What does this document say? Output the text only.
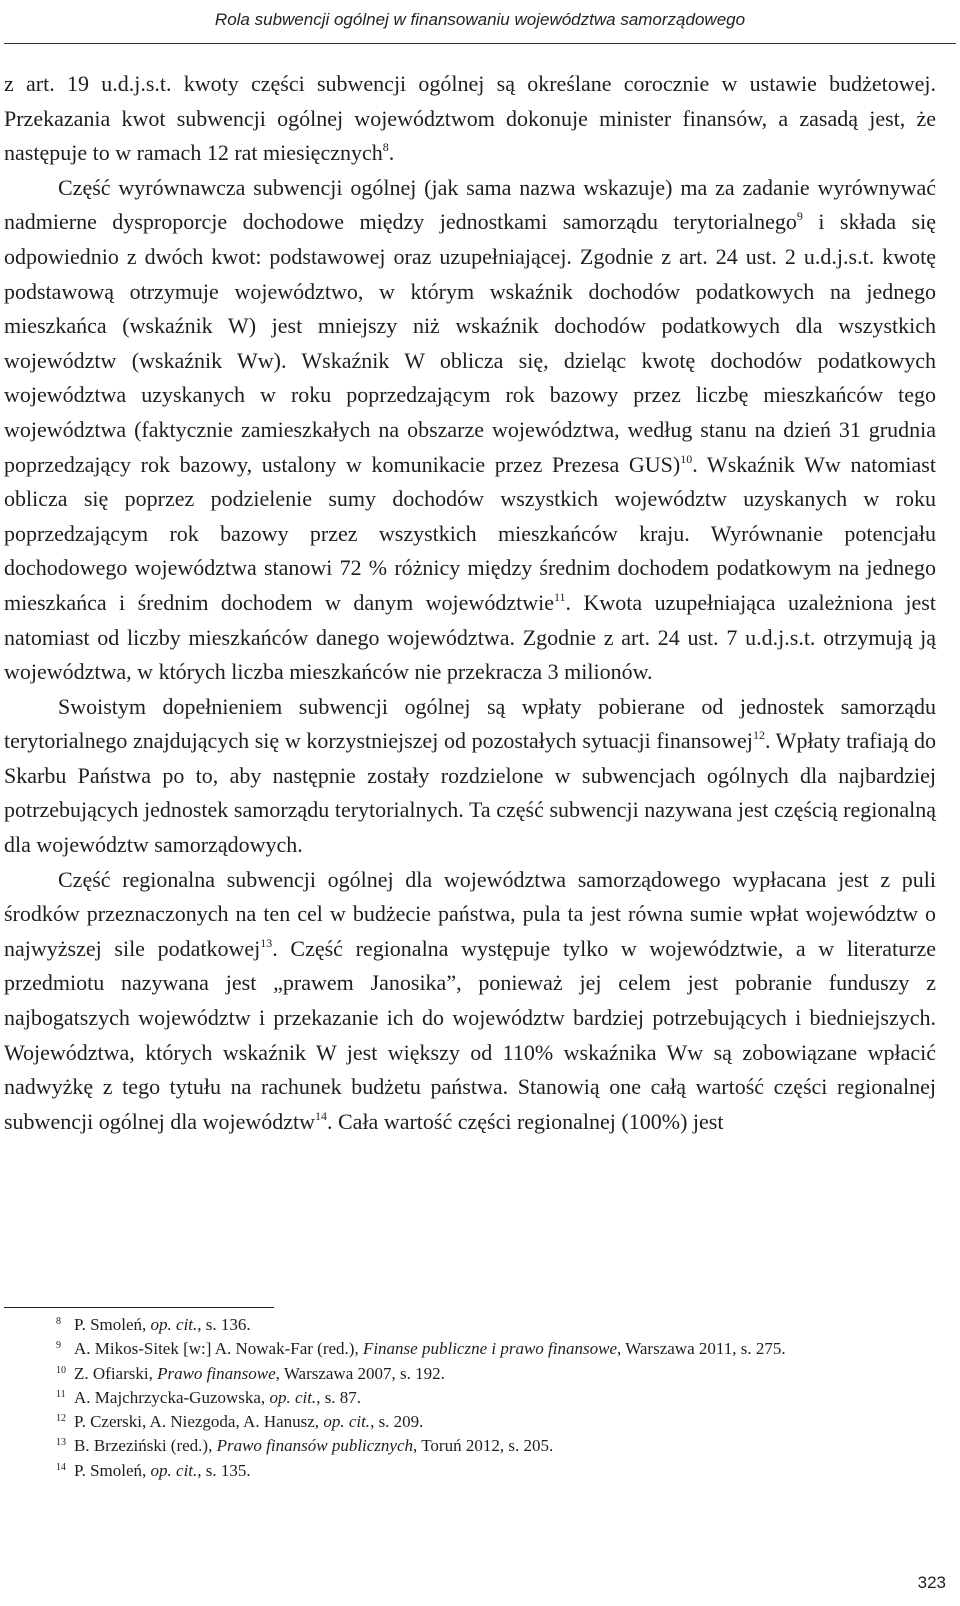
Rola subwencji ogólnej w finansowaniu województwa samorządowego

z art. 19 u.d.j.s.t. kwoty części subwencji ogólnej są określane corocznie w ustawie budżetowej. Przekazania kwot subwencji ogólnej województwom dokonuje minister finansów, a zasadą jest, że następuje to w ramach 12 rat miesięcznych$^8$.
Część wyrównawcza subwencji ogólnej (jak sama nazwa wskazuje) ma za zadanie wyrównywać nadmierne dysproporcje dochodowe między jednostkami samorządu terytorialnego$^9$ i składa się odpowiednio z dwóch kwot: podstawowej oraz uzupełniającej. Zgodnie z art. 24 ust. 2 u.d.j.s.t. kwotę podstawową otrzymuje województwo, w którym wskaźnik dochodów podatkowych na jednego mieszkańca (wskaźnik W) jest mniejszy niż wskaźnik dochodów podatkowych dla wszystkich województw (wskaźnik Ww). Wskaźnik W oblicza się, dzieląc kwotę dochodów podatkowych województwa uzyskanych w roku poprzedzającym rok bazowy przez liczbę mieszkańców tego województwa (faktycznie zamieszkałych na obszarze województwa, według stanu na dzień 31 grudnia poprzedzający rok bazowy, ustalony w komunikacie przez Prezesa GUS)$^{10}$. Wskaźnik Ww natomiast oblicza się poprzez podzielenie sumy dochodów wszystkich województw uzyskanych w roku poprzedzającym rok bazowy przez wszystkich mieszkańców kraju. Wyrównanie potencjału dochodowego województwa stanowi 72 % różnicy między średnim dochodem podatkowym na jednego mieszkańca i średnim dochodem w danym województwie$^{11}$. Kwota uzupełniająca uzależniona jest natomiast od liczby mieszkańców danego województwa. Zgodnie z art. 24 ust. 7 u.d.j.s.t. otrzymują ją województwa, w których liczba mieszkańców nie przekracza 3 milionów.

Swoistym dopełnieniem subwencji ogólnej są wpłaty pobierane od jednostek samorządu terytorialnego znajdujących się w korzystniejszej od pozostałych sytuacji finansowej$^{12}$. Wpłaty trafiają do Skarbu Państwa po to, aby następnie zostały rozdzielone w subwencjach ogólnych dla najbardziej potrzebujących jednostek samorządu terytorialnych. Ta część subwencji nazywana jest częścią regionalną dla województw samorządowych.

Część regionalna subwencji ogólnej dla województwa samorządowego wypłacana jest z puli środków przeznaczonych na ten cel w budżecie państwa, pula ta jest równa sumie wpłat województw o najwyższej sile podatkowej$^{13}$. Część regionalna występuje tylko w województwie, a w literaturze przedmiotu nazywana jest „prawem Janosika”, ponieważ jej celem jest pobranie funduszy z najbogatszych województw i przekazanie ich do województw bardziej potrzebujących i biedniejszych. Województwa, których wskaźnik W jest większy od 110% wskaźnika Ww są zobowiązane wpłacić nadwyżkę z tego tytułu na rachunek budżetu państwa. Stanowią one całą wartość części regionalnej subwencji ogólnej dla województw$^{14}$. Cała wartość części regionalnej (100%) jest

$^8$ P. Smoleń, op. cit., s. 136.

$^9$ A. Mikos-Sitek [w:] A. Nowak-Far (red.), Finanse publiczne i prawo finansowe, Warszawa 2011, s. 275.

$^{10}$ Z. Ofiarski, Prawo finansowe, Warszawa 2007, s. 192.

$^{11}$ A. Majchrzycka-Guzowska, op. cit., s. 87.

$^{12}$ P. Czerski, A. Niezgoda, A. Hanusz, op. cit., s. 209.

$^{13}$ B. Brzeziński (red.), Prawo finansów publicznych, Toruń 2012, s. 205.

$^{14}$ P. Smoleń, op. cit., s. 135.

323
